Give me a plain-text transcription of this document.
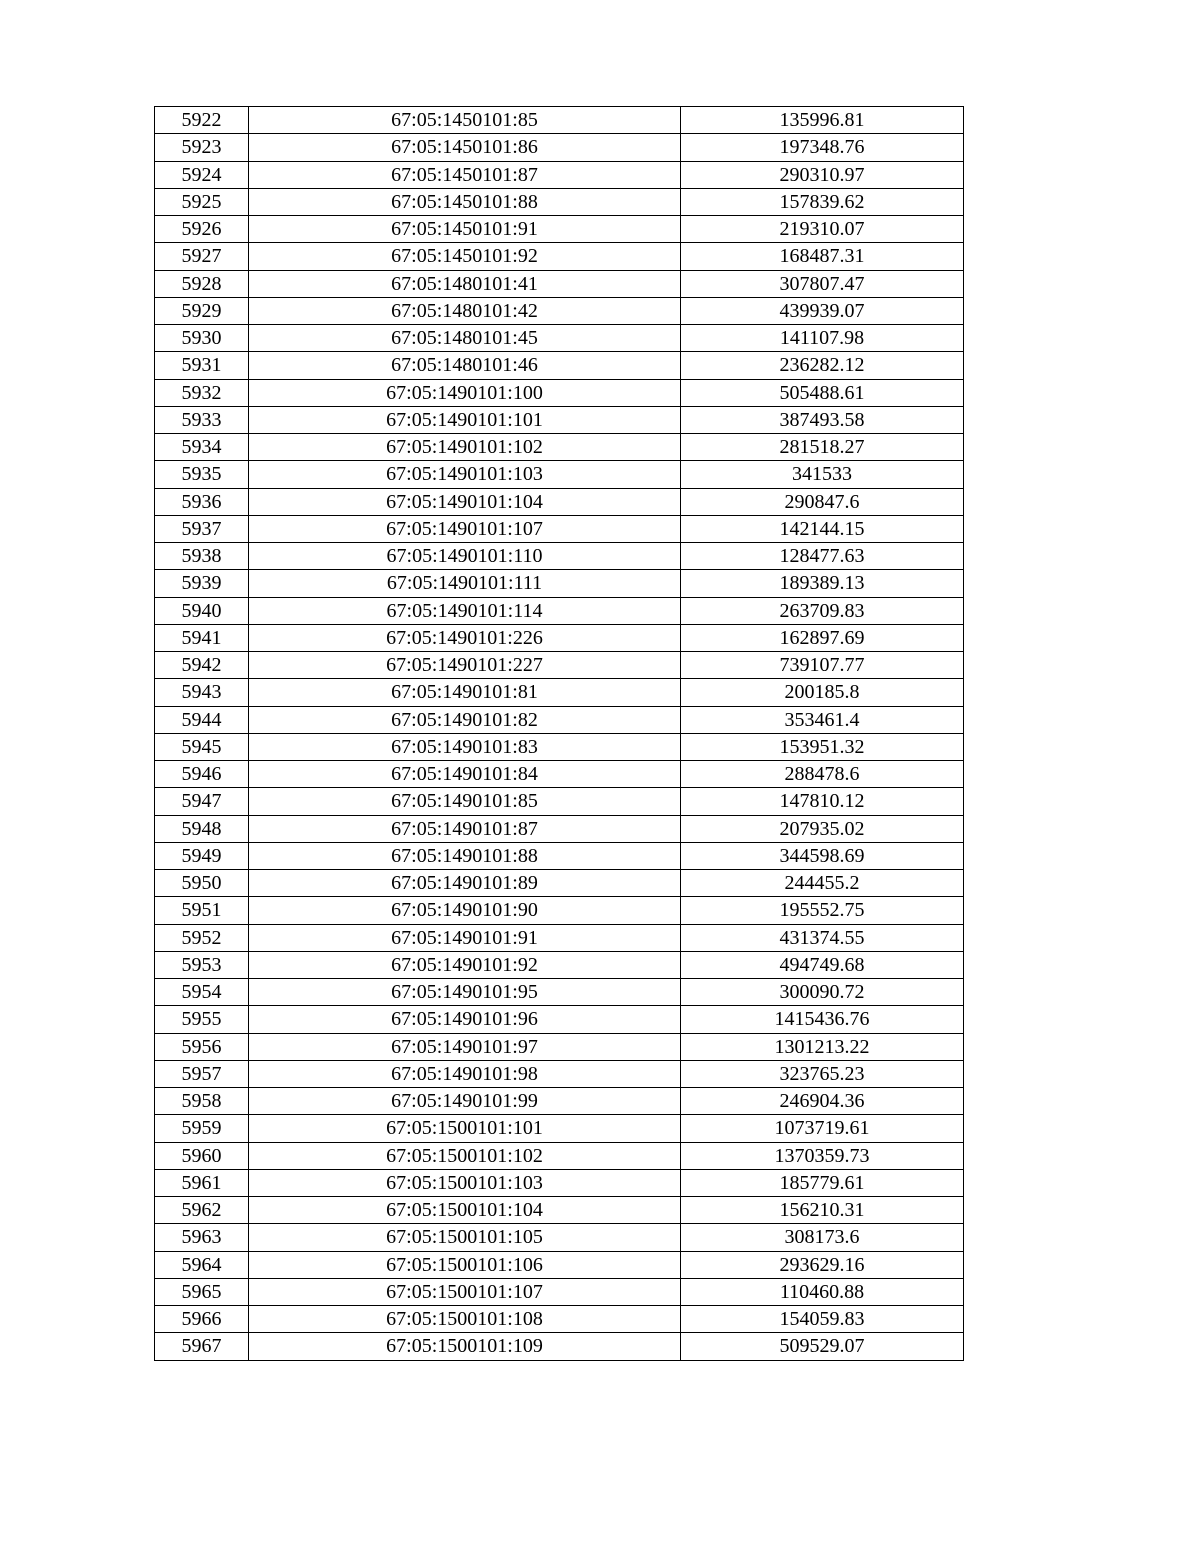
5922	67:05:1450101:85	135996.81
5923	67:05:1450101:86	197348.76
5924	67:05:1450101:87	290310.97
5925	67:05:1450101:88	157839.62
5926	67:05:1450101:91	219310.07
5927	67:05:1450101:92	168487.31
5928	67:05:1480101:41	307807.47
5929	67:05:1480101:42	439939.07
5930	67:05:1480101:45	141107.98
5931	67:05:1480101:46	236282.12
5932	67:05:1490101:100	505488.61
5933	67:05:1490101:101	387493.58
5934	67:05:1490101:102	281518.27
5935	67:05:1490101:103	341533
5936	67:05:1490101:104	290847.6
5937	67:05:1490101:107	142144.15
5938	67:05:1490101:110	128477.63
5939	67:05:1490101:111	189389.13
5940	67:05:1490101:114	263709.83
5941	67:05:1490101:226	162897.69
5942	67:05:1490101:227	739107.77
5943	67:05:1490101:81	200185.8
5944	67:05:1490101:82	353461.4
5945	67:05:1490101:83	153951.32
5946	67:05:1490101:84	288478.6
5947	67:05:1490101:85	147810.12
5948	67:05:1490101:87	207935.02
5949	67:05:1490101:88	344598.69
5950	67:05:1490101:89	244455.2
5951	67:05:1490101:90	195552.75
5952	67:05:1490101:91	431374.55
5953	67:05:1490101:92	494749.68
5954	67:05:1490101:95	300090.72
5955	67:05:1490101:96	1415436.76
5956	67:05:1490101:97	1301213.22
5957	67:05:1490101:98	323765.23
5958	67:05:1490101:99	246904.36
5959	67:05:1500101:101	1073719.61
5960	67:05:1500101:102	1370359.73
5961	67:05:1500101:103	185779.61
5962	67:05:1500101:104	156210.31
5963	67:05:1500101:105	308173.6
5964	67:05:1500101:106	293629.16
5965	67:05:1500101:107	110460.88
5966	67:05:1500101:108	154059.83
5967	67:05:1500101:109	509529.07
